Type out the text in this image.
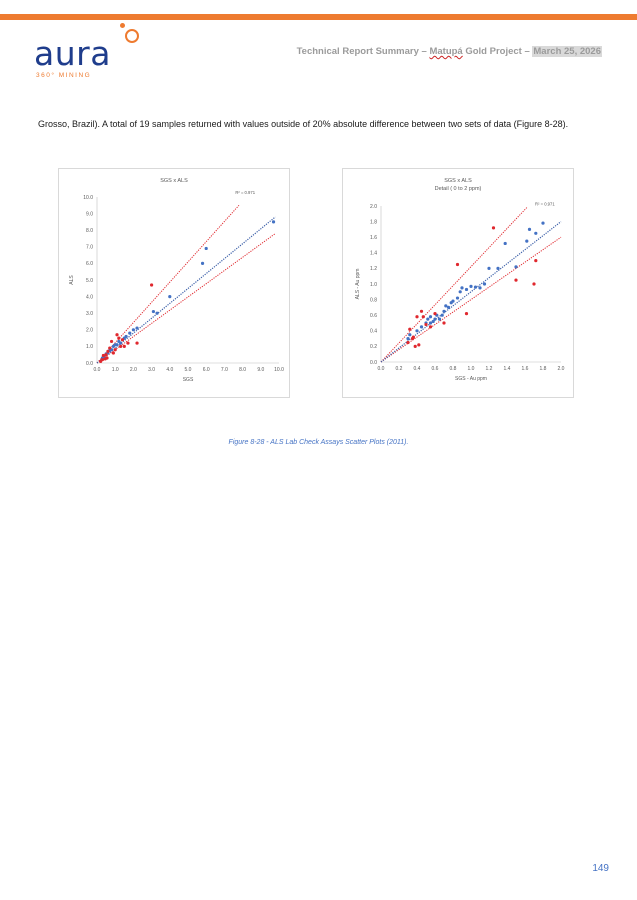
aura
360° MINING
Technical Report Summary – Matupá Gold Project – March 25, 2026

Grosso, Brazil). A total of 19 samples returned with values outside of 20% absolute difference between two sets of data (Figure 8-28).

SGS x ALS
0.0 1.0 2.0 3.0 4.0 5.0 6.0 7.0 8.0 9.0 10.0
0.0
1.0
2.0
3.0
4.0
5.0
6.0
7.0
8.0
9.0
10.0
SGS
ALS
R² = 0.971
SGS x ALS
Detail ( 0 to 2 ppm)
0.0 0.2 0.4 0.6 0.8 1.0 1.2 1.4 1.6 1.8 2.0
0.0
0.2
0.4
0.6
0.8
1.0
1.2
1.4
1.6
1.8
2.0
SGS - Au ppm
ALS - Au ppm
R² = 0.971
Figure 8-28 - ALS Lab Check Assays Scatter Plots (2011).
149
